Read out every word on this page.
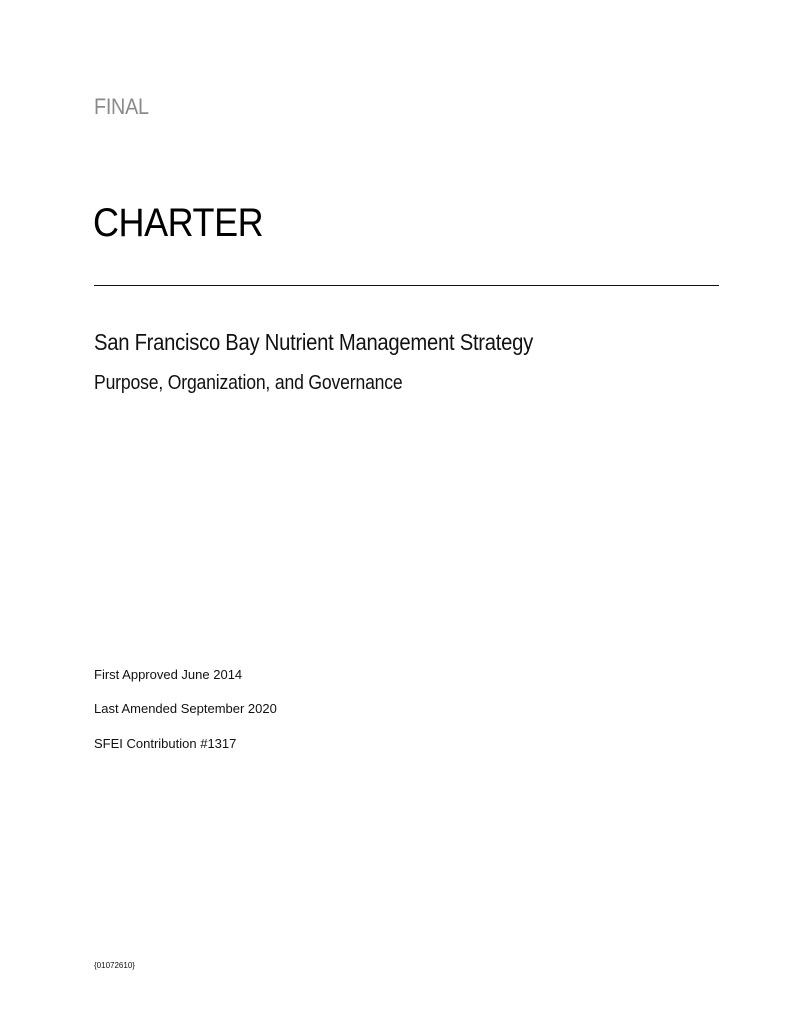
FINAL
CHARTER
San Francisco Bay Nutrient Management Strategy
Purpose, Organization, and Governance
First Approved June 2014
Last Amended September 2020
SFEI Contribution #1317
{01072610}
